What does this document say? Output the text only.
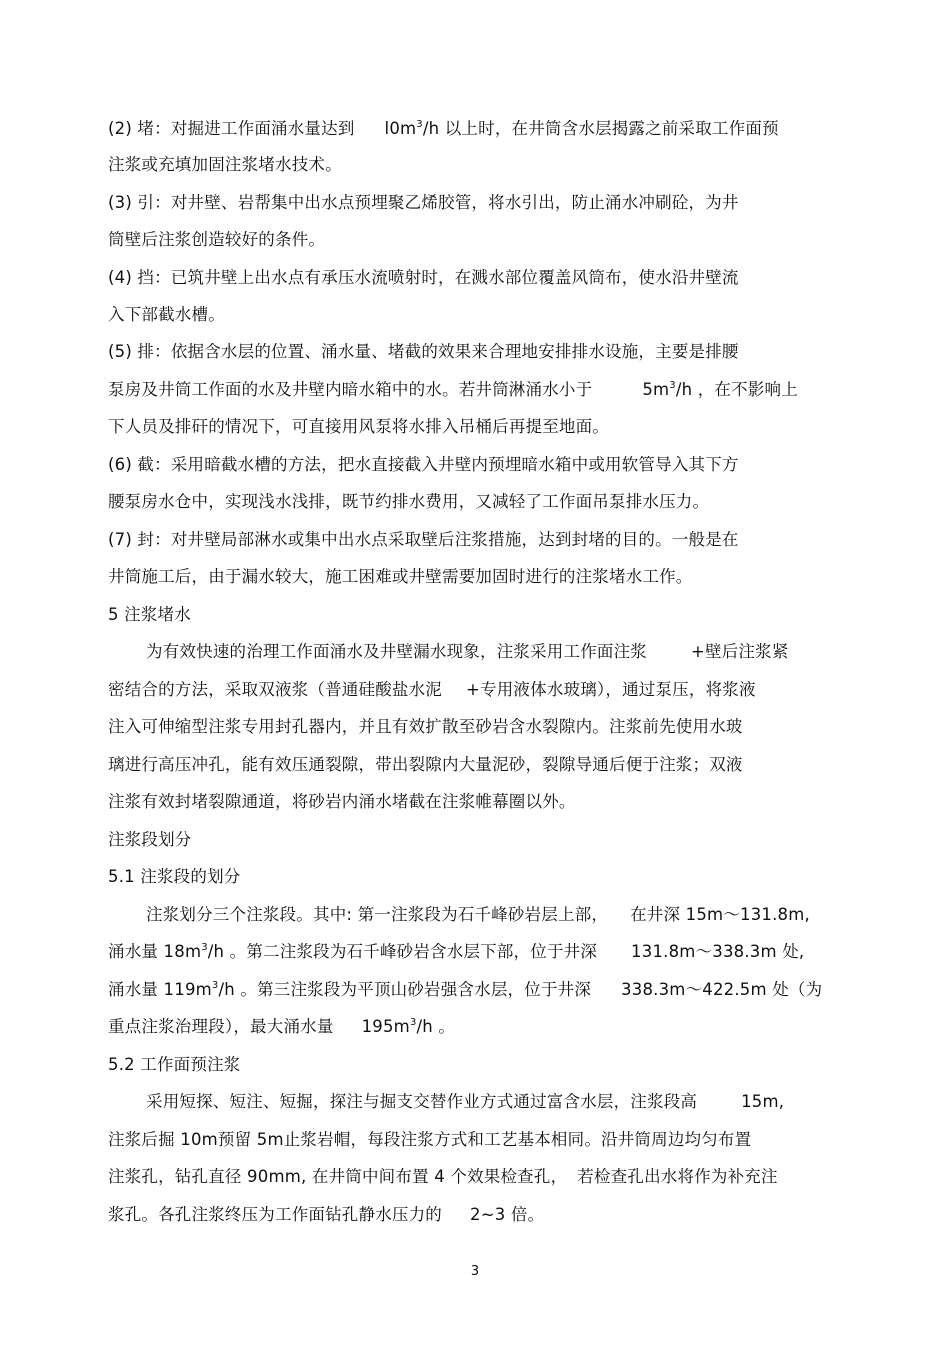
(2) 堵：对掘进工作面涌水量达到 $l0m^3/h$ 以上时，在井筒含水层揭露之前采取工作面预
注浆或充填加固注浆堵水技术。
(3) 引：对井壁、岩帮集中出水点预埋聚乙烯胶管，将水引出，防止涌水冲刷砼，为井
筒壁后注浆创造较好的条件。
(4) 挡：已筑井壁上出水点有承压水流喷射时，在溅水部位覆盖风筒布，使水沿井壁流
入下部截水槽。
(5) 排：依据含水层的位置、涌水量、堵截的效果来合理地安排排水设施，主要是排腰
泵房及井筒工作面的水及井壁内暗水箱中的水。若井筒淋涌水小于	$5m^3/h$ ，在不影响上
下人员及排矸的情况下，可直接用风泵将水排入吊桶后再提至地面。
(6) 截：采用暗截水槽的方法，把水直接截入井壁内预埋暗水箱中或用软管导入其下方
腰泵房水仓中，实现浅水浅排，既节约排水费用，又减轻了工作面吊泵排水压力。
(7) 封：对井壁局部淋水或集中出水点采取壁后注浆措施，达到封堵的目的。一般是在
井筒施工后，由于漏水较大，施工困难或井壁需要加固时进行的注浆堵水工作。
5 注浆堵水
为有效快速的治理工作面涌水及井壁漏水现象，注浆采用工作面注浆	+壁后注浆紧
密结合的方法，采取双液浆（普通硅酸盐水泥 +专用液体水玻璃），通过泵压，将浆液
注入可伸缩型注浆专用封孔器内，并且有效扩散至砂岩含水裂隙内。注浆前先使用水玻
璃进行高压冲孔，能有效压通裂隙，带出裂隙内大量泥砂，裂隙导通后便于注浆；双液
注浆有效封堵裂隙通道，将砂岩内涌水堵截在注浆帷幕圈以外。
注浆段划分
5.1 注浆段的划分
注浆划分三个注浆段。其中: 第一注浆段为石千峰砂岩层上部， 在井深 15m～131.8m,
涌水量 $18m^3/h$ 。第二注浆段为石千峰砂岩含水层下部，位于井深 131.8m～338.3m 处,
涌水量 $119m^3/h$ 。第三注浆段为平顶山砂岩强含水层，位于井深 338.3m～422.5m 处（为
重点注浆治理段），最大涌水量 $195m^3/h$ 。
5.2 工作面预注浆
采用短探、短注、短掘，探注与掘支交替作业方式通过富含水层，注浆段高	15m,
注浆后掘 10m预留 5m止浆岩帽，每段注浆方式和工艺基本相同。沿井筒周边均匀布置
注浆孔，钻孔直径 90mm, 在井筒中间布置 4 个效果检查孔， 若检查孔出水将作为补充注
浆孔。各孔注浆终压为工作面钻孔静水压力的 2~3 倍。
3
